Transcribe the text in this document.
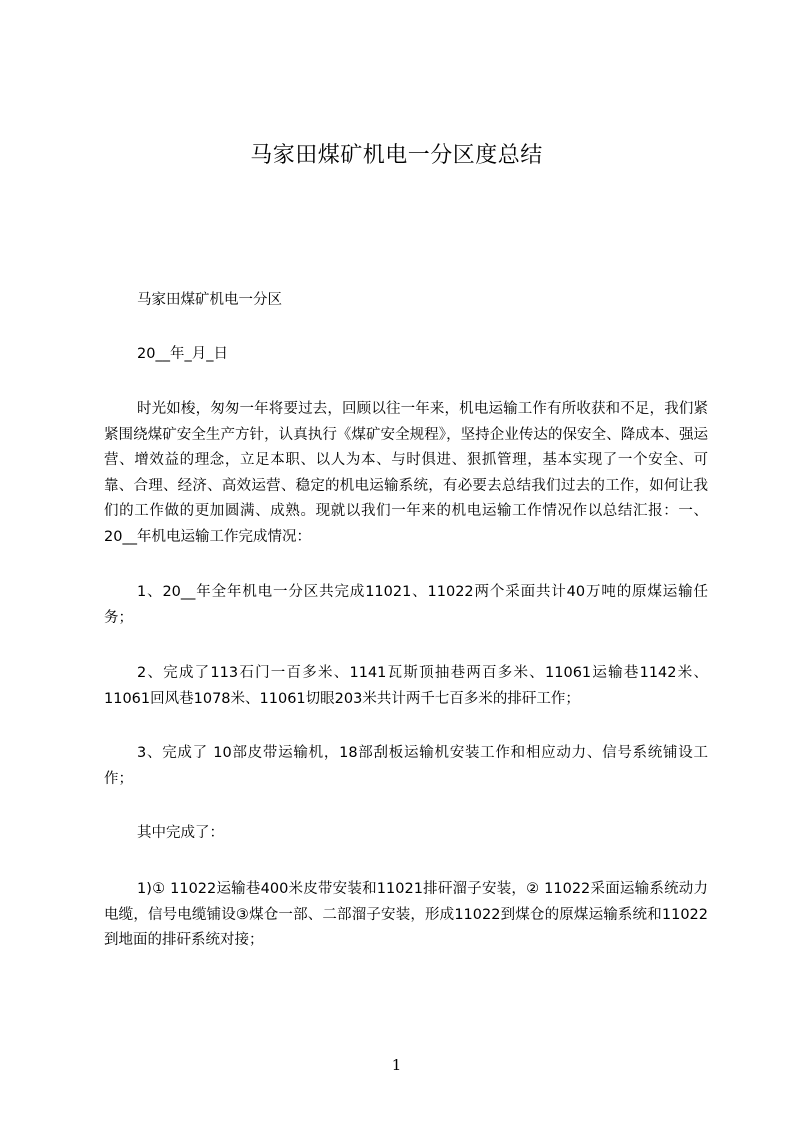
马家田煤矿机电一分区度总结

马家田煤矿机电一分区

20__年_月_日

时光如梭，匆匆一年将要过去，回顾以往一年来，机电运输工作有所收获和不足，我们紧紧围绕煤矿安全生产方针，认真执行《煤矿安全规程》，坚持企业传达的保安全、降成本、强运营、增效益的理念，立足本职、以人为本、与时俱进、狠抓管理，基本实现了一个安全、可靠、合理、经济、高效运营、稳定的机电运输系统，有必要去总结我们过去的工作，如何让我们的工作做的更加圆满、成熟。现就以我们一年来的机电运输工作情况作以总结汇报：一、20__年机电运输工作完成情况：

1、20__年全年机电一分区共完成11021、11022两个采面共计40万吨的原煤运输任务；

2、完成了113石门一百多米、1141瓦斯顶抽巷两百多米、11061运输巷1142米、11061回风巷1078米、11061切眼203米共计两千七百多米的排矸工作；

3、完成了 10部皮带运输机，18部刮板运输机安装工作和相应动力、信号系统铺设工作；

其中完成了：

1)① 11022运输巷400米皮带安装和11021排矸溜子安装，② 11022采面运输系统动力电缆，信号电缆铺设③煤仓一部、二部溜子安装，形成11022到煤仓的原煤运输系统和11022到地面的排矸系统对接；

1
